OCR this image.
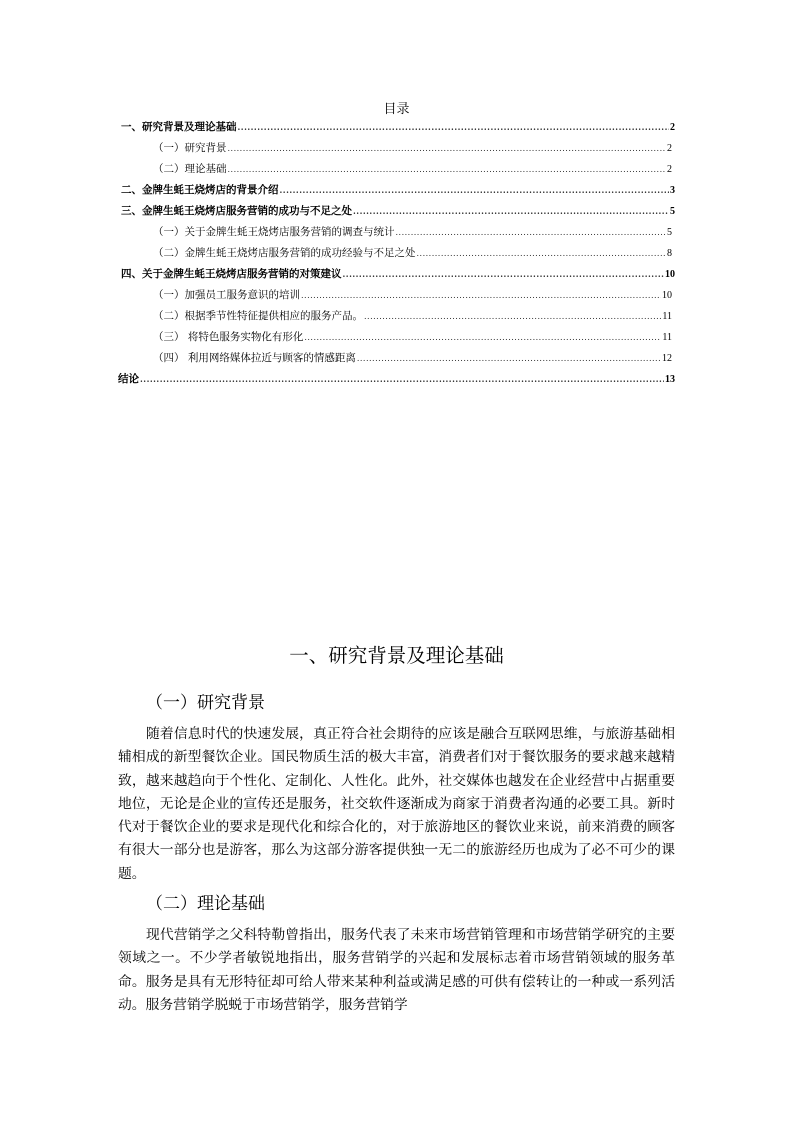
目录
一、研究背景及理论基础 .....	2
（一）研究背景 .....	2
（二）理论基础 .....	2
二、金牌生蚝王烧烤店的背景介绍 .....	3
三、金牌生蚝王烧烤店服务营销的成功与不足之处 .....	5
（一）关于金牌生蚝王烧烤店服务营销的调查与统计 .....	5
（二）金牌生蚝王烧烤店服务营销的成功经验与不足之处 .....	8
四、关于金牌生蚝王烧烤店服务营销的对策建议 .....	10
（一）加强员工服务意识的培训 .....	10
（二）根据季节性特征提供相应的服务产品。 .....	11
（三） 将特色服务实物化有形化 .....	11
（四） 利用网络媒体拉近与顾客的情感距离 .....	12
结论 .....	13
一、研究背景及理论基础
（一）研究背景

随着信息时代的快速发展，真正符合社会期待的应该是融合互联网思维，与旅游基础相辅相成的新型餐饮企业。国民物质生活的极大丰富，消费者们对于餐饮服务的要求越来越精致，越来越趋向于个性化、定制化、人性化。此外，社交媒体也越发在企业经营中占据重要地位，无论是企业的宣传还是服务，社交软件逐渐成为商家于消费者沟通的必要工具。新时代对于餐饮企业的要求是现代化和综合化的，对于旅游地区的餐饮业来说，前来消费的顾客有很大一部分也是游客，那么为这部分游客提供独一无二的旅游经历也成为了必不可少的课题。

（二）理论基础

现代营销学之父科特勒曾指出，服务代表了未来市场营销管理和市场营销学研究的主要领域之一。不少学者敏锐地指出，服务营销学的兴起和发展标志着市场营销领域的服务革命。服务是具有无形特征却可给人带来某种利益或满足感的可供有偿转让的一种或一系列活动。服务营销学脱蜕于市场营销学，服务营销学
